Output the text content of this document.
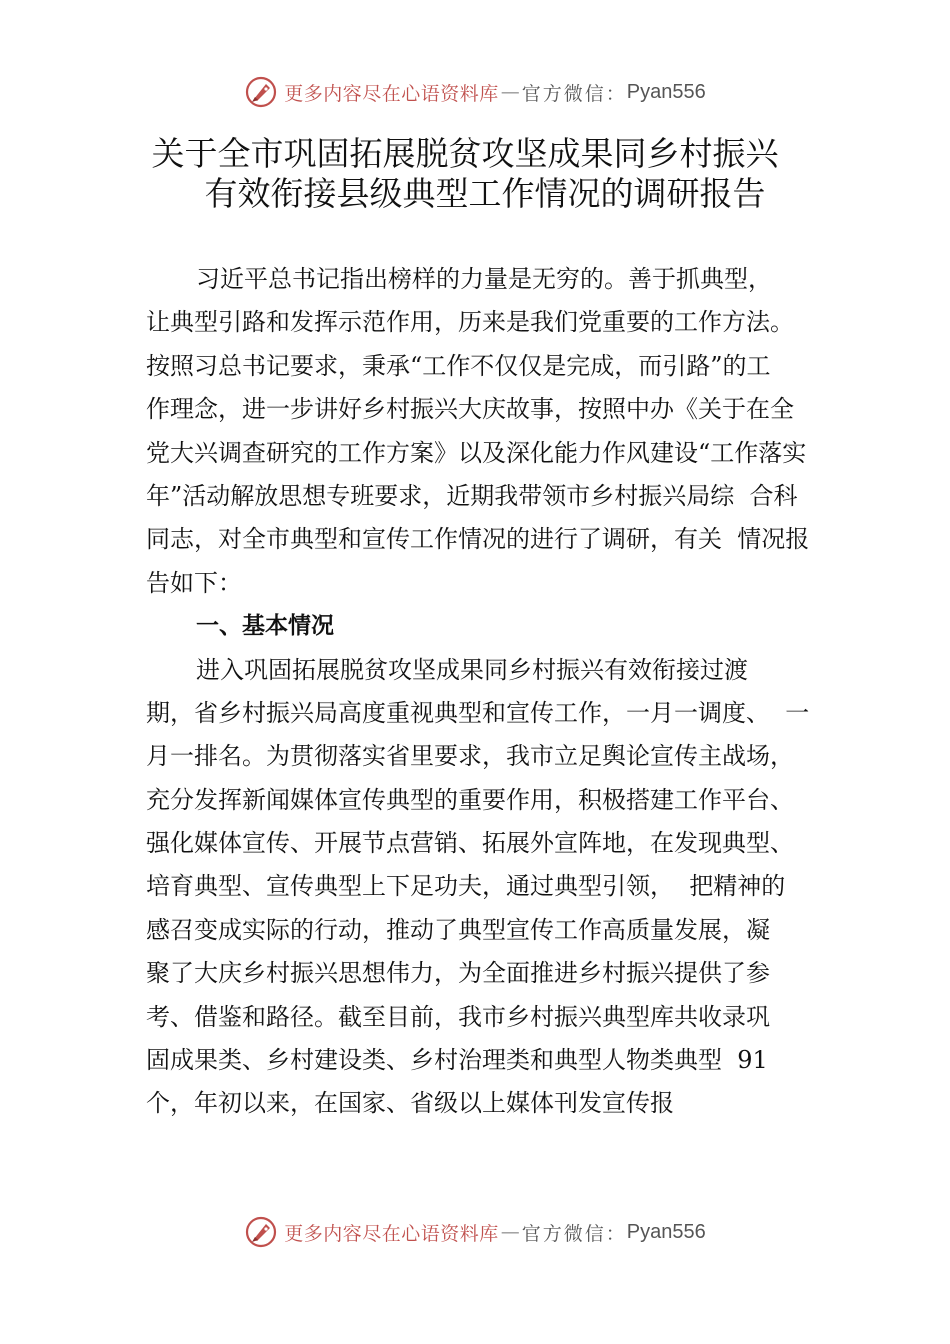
更多内容尽在心语资料库 — 官方微信： Pyan556
关于全市巩固拓展脱贫攻坚成果同乡村振兴
有效衔接县级典型工作情况的调研报告
习近平总书记指出榜样的力量是无穷的。善于抓典型，
让典型引路和发挥示范作用，历来是我们党重要的工作方法。
按照习总书记要求，秉承“工作不仅仅是完成，而引路”的工
作理念，进一步讲好乡村振兴大庆故事，按照中办《关于在全
党大兴调查研究的工作方案》以及深化能力作风建设“工作落实
年”活动解放思想专班要求，近期我带领市乡村振兴局综  合科
同志，对全市典型和宣传工作情况的进行了调研，有关  情况报
告如下：
一、基本情况
进入巩固拓展脱贫攻坚成果同乡村振兴有效衔接过渡
期，省乡村振兴局高度重视典型和宣传工作，一月一调度、  一
月一排名。为贯彻落实省里要求，我市立足舆论宣传主战场，
充分发挥新闻媒体宣传典型的重要作用，积极搭建工作平台、
强化媒体宣传、开展节点营销、拓展外宣阵地，在发现典型、
培育典型、宣传典型上下足功夫，通过典型引领，  把精神的
感召变成实际的行动，推动了典型宣传工作高质量发展，凝
聚了大庆乡村振兴思想伟力，为全面推进乡村振兴提供了参
考、借鉴和路径。截至目前，我市乡村振兴典型库共收录巩
固成果类、乡村建设类、乡村治理类和典型人物类典型  91
个，年初以来，在国家、省级以上媒体刊发宣传报
更多内容尽在心语资料库 — 官方微信： Pyan556
